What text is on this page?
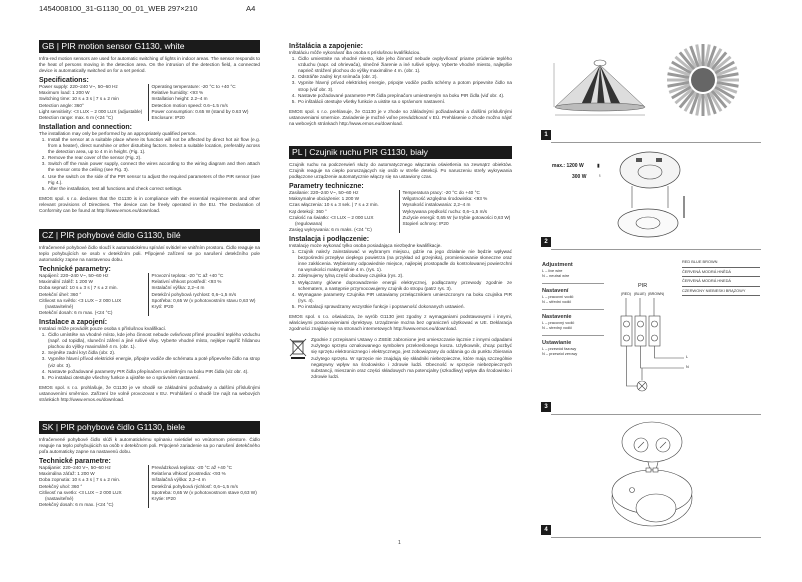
1454008100_31-G1130_00_01_WEB 297×210	A4
GB | PIR motion sensor G1130, white
Infra-red motion sensors are used for automatic switching of lights in indoor areas. The sensor responds to the heat of persons moving in the detection area. On the intrusion of the detection field, a connected device is automatically switched on for a set period.
Specifications:
Power supply: 220–240 V~, 50–60 Hz
Maximum load: 1 200 W
Switching time: 10 s ± 3 s | 7 s ± 2 min
Detection angle: 360°
Light sensitivity: <3 LUX – 2 000 LUX (adjustable)
Detection range: max. 6 m (<24 °C)
Operating temperature: -20 °C to +40 °C
Relative humidity: <93 %
Installation height: 2.2–4 m
Detection motion speed: 0.6–1.5 m/s
Power consumption: 0.65 W (stand by 0.63 W)
Enclosure: IP20
Installation and connection:
The installation may only be performed by an appropriately qualified person.
1. Install the sensor at a suitable place where its function will not be affected by direct hot air flow (e.g. from a heater), direct sunshine or other disturbing factors. Select a suitable location, preferably across the detection area, up to 4 m in height. (Fig. 1).
2. Remove the rear cover of the sensor (Fig. 2).
3. Switch off the main power supply, connect the wires according to the wiring diagram and then attach the sensor onto the ceiling (see Fig. 3).
4. Use the switch on the side of the PIR sensor to adjust the required parameters of the PIR sensor (see Fig 4.).
5. After the installation, test all functions and check correct settings.
EMOS spol. s r.o. declares that the G1130 is in compliance with the essential requirements and other relevant provisions of Directives. The device can be freely operated in the EU. The Declaration of Conformity can be found at http://www.emos.eu/download.
CZ | PIR pohybové čidlo G1130, bílé
Infračervené pohybové čidlo slouží k automatickému spínání svítidel ve vnitřním prostoru. Čidlo reaguje na teplo pohybujících se osob v detekčním poli. Připojené zařízení se po narušení detekčního pole automaticky zapne na nastavenou dobu.
Technické parametry:
Napájení: 220–240 V~, 50–60 Hz
Maximální zátěž: 1 200 W
Doba sepnutí: 10 s ± 3 s | 7 s ± 2 min.
Detekční úhel: 360 °
Citlivost na světlo: <3 LUX – 2 000 LUX (nastavitelné)
Detekční dosah: 6 m max. (<24 °C)
Provozní teplota: -20 °C až +40 °C
Relativní vlhkost prostředí: <93 %
Instalační výška: 2,2–4 m
Detekční pohybová rychlost: 0,6–1,5 m/s
Spotřeba: 0,65 W (v pohotovostním stavu 0,63 W)
Krytí: IP20
Instalace a zapojení:
Instalaci může provádět pouze osoba s příslušnou kvalifikací.
1. Čidlo umístěte na vhodné místo, kde jeho činnost nebude ovlivňovat přímé proudění teplého vzduchu (např. od topidla), sluneční záření a jiné rušivé vlivy. Vyberte vhodné místo, nejlépe napříč hlídanou plochou do výšky maximálně 4 m. (obr. 1).
2. Sejměte zadní kryt čidla (obr. 2).
3. Vypněte hlavní přívod elektrické energie, připojte vodiče dle schématu a poté připevněte čidlo na strop (viz obr. 3).
4. Nastavte požadované parametry PIR čidla přepínačem umístěným na boku PIR čidla (viz obr. 4).
5. Po instalaci otestujte všechny funkce a ujistěte se o správném nastavení.
EMOS spol. s r.o. prohlašuje, že G1130 je ve shodě se základními požadavky a dalšími příslušnými ustanoveními směrnice. Zařízení lze volně provozovat v EU. Prohlášení o shodě lze najít na webových stránkách http://www.emos.eu/download.
SK | PIR pohybové čidlo G1130, biele
Infračervené pohybové čidlo slúži k automatickému spínaniu svietidiel vo vnútornom priestore. Čidlo reaguje na teplo pohybujúcich sa osôb v detekčnom poli. Pripojené zariadenie sa po narušení detekčného poľa automaticky zapne na nastavenú dobu.
Technické parametre:
Napájanie: 220–240 V~, 50–60 Hz
Maximálna záťaž: 1 200 W
Doba zopnutia: 10 s ± 3 s | 7 s ± 2 min.
Detekčný uhol: 360 °
Citlivosť na svetlo: <3 LUX – 2 000 LUX (nastaviteľné)
Detekčný dosah: 6 m max. (<24 °C)
Prevádzková teplota: -20 °C až +40 °C
Relatívna vlhkosť prostredia: <93 %
Inštalačná výška: 2,2–4 m
Detekčná pohybová rýchlosť: 0,6–1,5 m/s
Spotreba: 0,65 W (v pohotovostnom stave 0,63 W)
Krytie: IP20
Inštalácia a zapojenie:
Inštaláciu môže vykonávať iba osoba s príslušnou kvalifikáciou.
1. Čidlo umiestnite na vhodné miesto, kde jeho činnosť nebude ovplyvňovať priame prúdenie teplého vzduchu (napr. od ohrievača), slnečné žiarenie a iné rušivé vplyvy. Vyberte vhodné miesto, najlepšie naprieč strážení plochou do výšky maximálne 4 m. (obr. 1).
2. Odstráňte zadný kryt snímača (obr. 2).
3. Vypnite hlavný prívod elektrickej energie, pripojte vodiče podľa schémy a potom pripevnite čidlo na strop (viď obr. 3).
4. Nastavte požadované parametre PIR čidla prepínačom umiestneným na boku PIR čidla (viď obr. 4).
5. Po inštalácii otestujte všetky funkcie a uistite sa o správnom nastavení.
EMOS spol. s r.o. prehlasuje, že G1130 je v zhode so základnými požiadavkami a ďalšími príslušnými ustanoveniami smernice. Zariadenie je možné voľne prevádzkovať v EÚ. Prehlásenie o zhode možno nájsť na webových stránkach http://www.emos.eu/download.
PL | Czujnik ruchu PIR G1130, biały
Czujnik ruchu na podczerwień służy do automatycznego włączania oświetlenia na zewnątrz obiektów. Czujnik reaguje na ciepło poruszających się osób w strefie detekcji. Po naruszeniu strefy wykrywania podłączone urządzenie automatycznie włączy się na ustawiony czas.
Parametry techniczne:
Zasilanie: 220–240 V~, 50–60 Hz
Maksymalne obciążenie: 1 200 W
Czas włączenia: 10 s ± 3 sek. | 7 s ± 2 min.
Kąt detekcji: 360 °
Czułość na światło: <3 LUX – 2 000 LUX (regulowana)
Zasięg wykrywania: 6 m maks. (<24 °C)
Temperatura pracy: -20 °C do +40 °C
Wilgotność względna środowiska: <93 %
Wysokość instalowania: 2,2–4 m
Wykrywana prędkość ruchu: 0,6–1,5 m/s
Zużycie energii: 0,65 W (w trybie gotowości 0,63 W)
Stopień ochrony: IP20
Instalacja i podłączenie:
Instalację może wykonać tylko osoba posiadająca niezbędne kwalifikacje.
1. Czujnik należy zainstalować w wybranym miejscu, gdzie na jego działanie nie będzie wpływać bezpośredni przepływ ciepłego powietrza (na przykład od grzejnika), promieniowanie słoneczne oraz inne zakłócenia. Wybieramy odpowiednie miejsce, najlepiej prostopadle do kontrolowanej powierzchni na wysokości maksymalnie 4 m. (rys. 1).
2. Zdejmujemy tylną część obudowy czujnika (rys. 2).
3. Wyłączamy główne doprowadzenie energii elektrycznej, podłączamy przewody zgodnie ze schematem, a następnie przymocowujemy czujnik do stropu (patrz rys. 3).
4. Wymagane parametry Czujnika PIR ustawiamy przełącznikiem umieszczonym na boku czujnika PIR (rys. 4).
5. Po instalacji sprawdzamy wszystkie funkcje i poprawność dokonanych ustawień.
EMOS spol. s r.o. oświadcza, że wyrób G1130 jest zgodny z wymaganiami podstawowymi i innymi, właściwymi postanowieniami dyrektywy. Urządzenie można bez ograniczeń użytkować w UE. Deklaracja zgodności znajduje się na stronach internetowych http://www.emos.eu/download.
Zgodnie z przepisami Ustawy o ZSEiE zabronione jest umieszczanie łącznie z innymi odpadami zużytego sprzętu oznakowanego symbolem przekreślonego kosza. Użytkownik, chcąc pozbyć się sprzętu elektronicznego i elektrycznego, jest zobowiązany do oddania go do punktu zbierania zużytego sprzętu. W sprzęcie nie znajdują się składniki niebezpieczne, które mają szczególnie negatywny wpływ na środowisko i zdrowie ludzi. Obecność w sprzęcie niebezpiecznych substancji, mieszanin oraz części składowych ma potencjalny (szkodliwy) wpływ dla środowisko i zdrowie ludzi.
1
max.: 1200 W
300 W
▮
♁
2
Adjustment
L – live wire
N – neutral wire
Nastavení
L – pracovní vodič
N – střední vodič
Nastavenie
L – pracovný vodič
N – stredný vodič
Ustawianie
L – przewód fazowy
N – przewód zerowy
PIR
(RED) (BLUE) (BROWN)
L
N
RED BLUE BROWN
ČERVENÁ MODRÁ HNĚDÁ
ČERVENÁ MODRÁ HNEDÁ
CZERWONY NIEBIESKI BRĄZOWY
3
4
1
